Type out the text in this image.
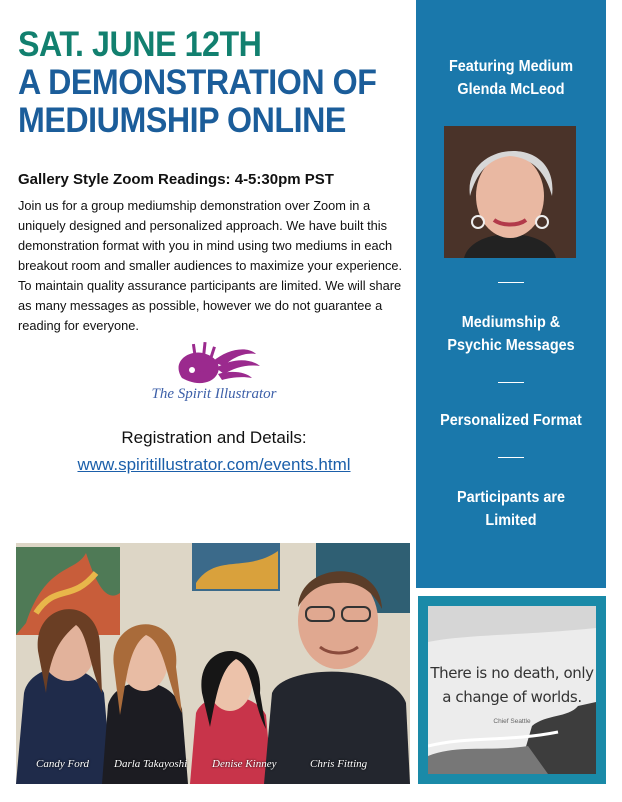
SAT. JUNE 12TH
A DEMONSTRATION OF
MEDIUMSHIP ONLINE
Gallery Style Zoom Readings: 4-5:30pm PST
Join us for a group mediumship demonstration over Zoom in a uniquely designed and personalized approach. We have built this demonstration format with you in mind using two mediums in each breakout room and smaller audiences to maximize your experience. To maintain quality assurance participants are limited. We will share as many messages as possible, however we do not guarantee a reading for everyone.
The Spirit Illustrator
Registration and Details:
www.spiritillustrator.com/events.html
Candy Ford Darla Takayoshi Denise Kinney	Chris Fitting
Featuring Medium
Glenda McLeod
Mediumship &
Psychic Messages
Personalized Format
Participants are
Limited
There is no death, only
a change of worlds.
Chief Seattle
